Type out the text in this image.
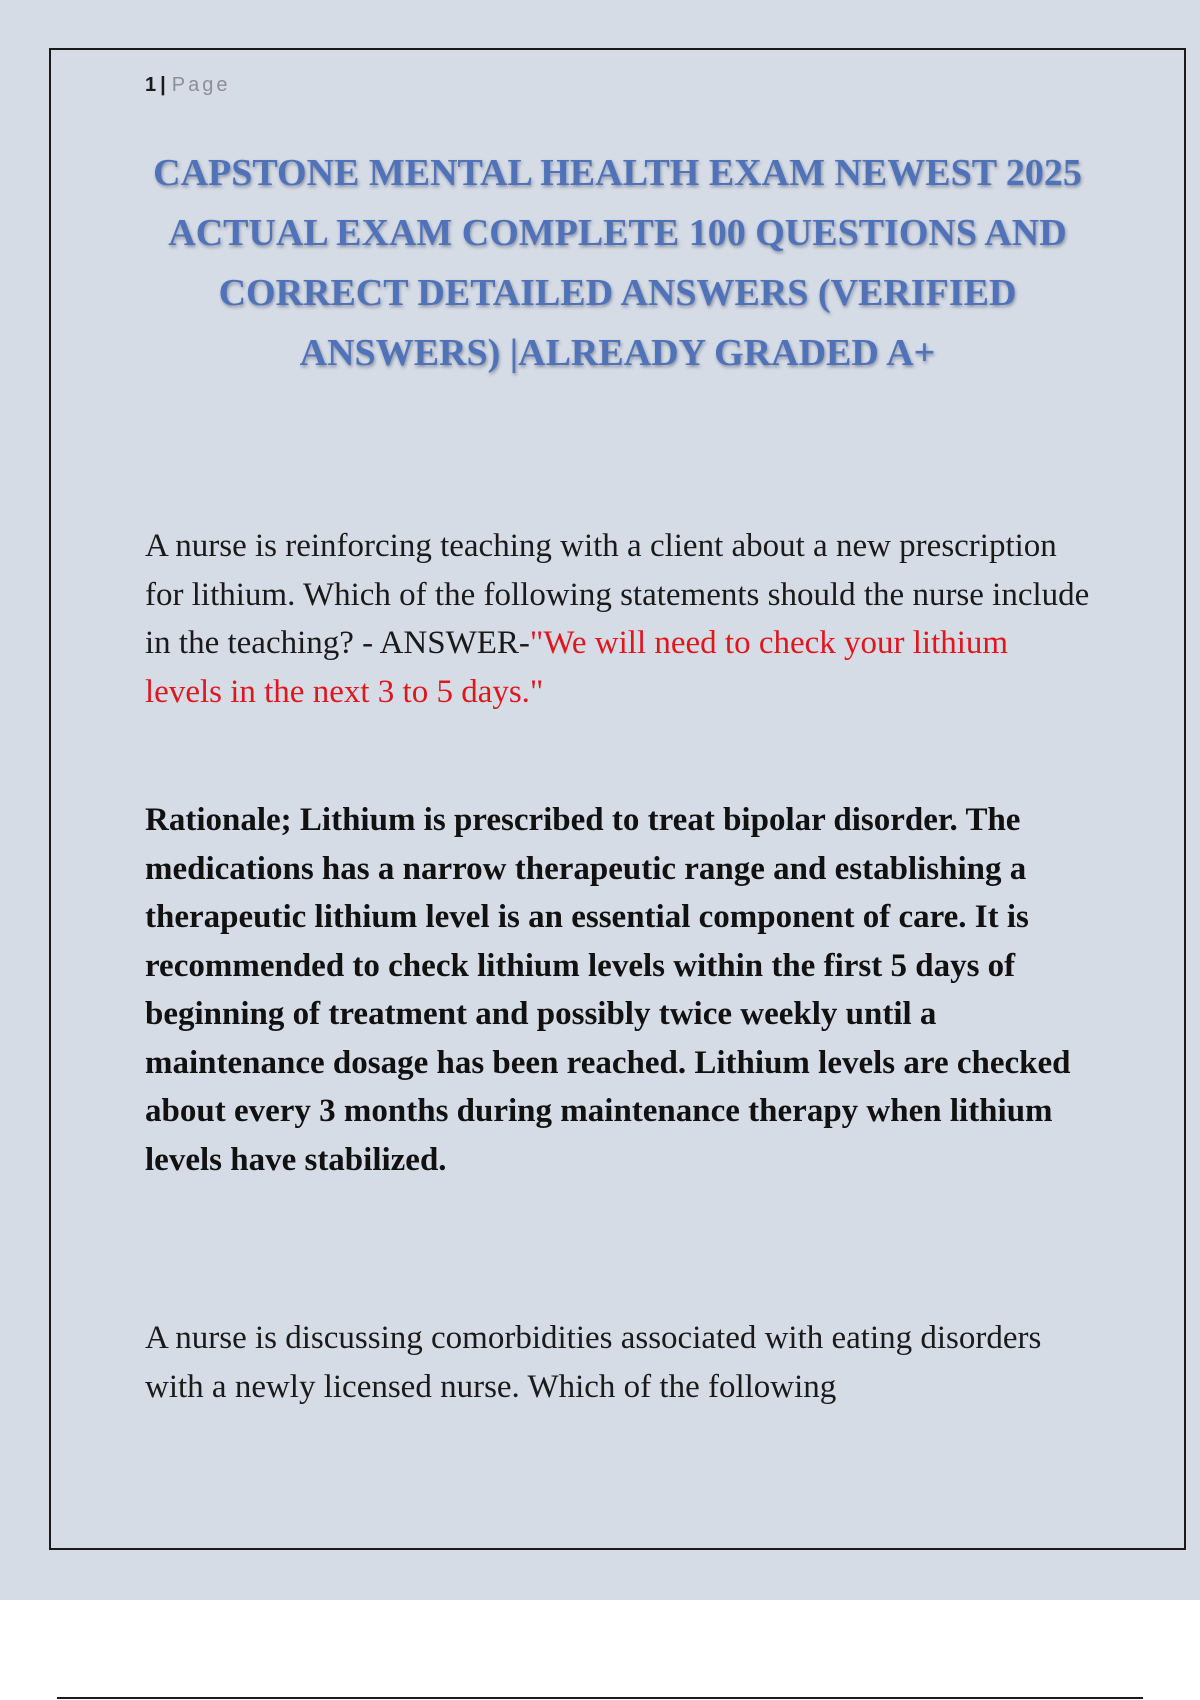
1 | Page
CAPSTONE MENTAL HEALTH EXAM NEWEST 2025 ACTUAL EXAM COMPLETE 100 QUESTIONS AND CORRECT DETAILED ANSWERS (VERIFIED ANSWERS) |ALREADY GRADED A+

A nurse is reinforcing teaching with a client about a new prescription for lithium. Which of the following statements should the nurse include in the teaching? - ANSWER-"We will need to check your lithium levels in the next 3 to 5 days."

Rationale; Lithium is prescribed to treat bipolar disorder. The medications has a narrow therapeutic range and establishing a therapeutic lithium level is an essential component of care. It is recommended to check lithium levels within the first 5 days of beginning of treatment and possibly twice weekly until a maintenance dosage has been reached. Lithium levels are checked about every 3 months during maintenance therapy when lithium levels have stabilized.

A nurse is discussing comorbidities associated with eating disorders with a newly licensed nurse. Which of the following
